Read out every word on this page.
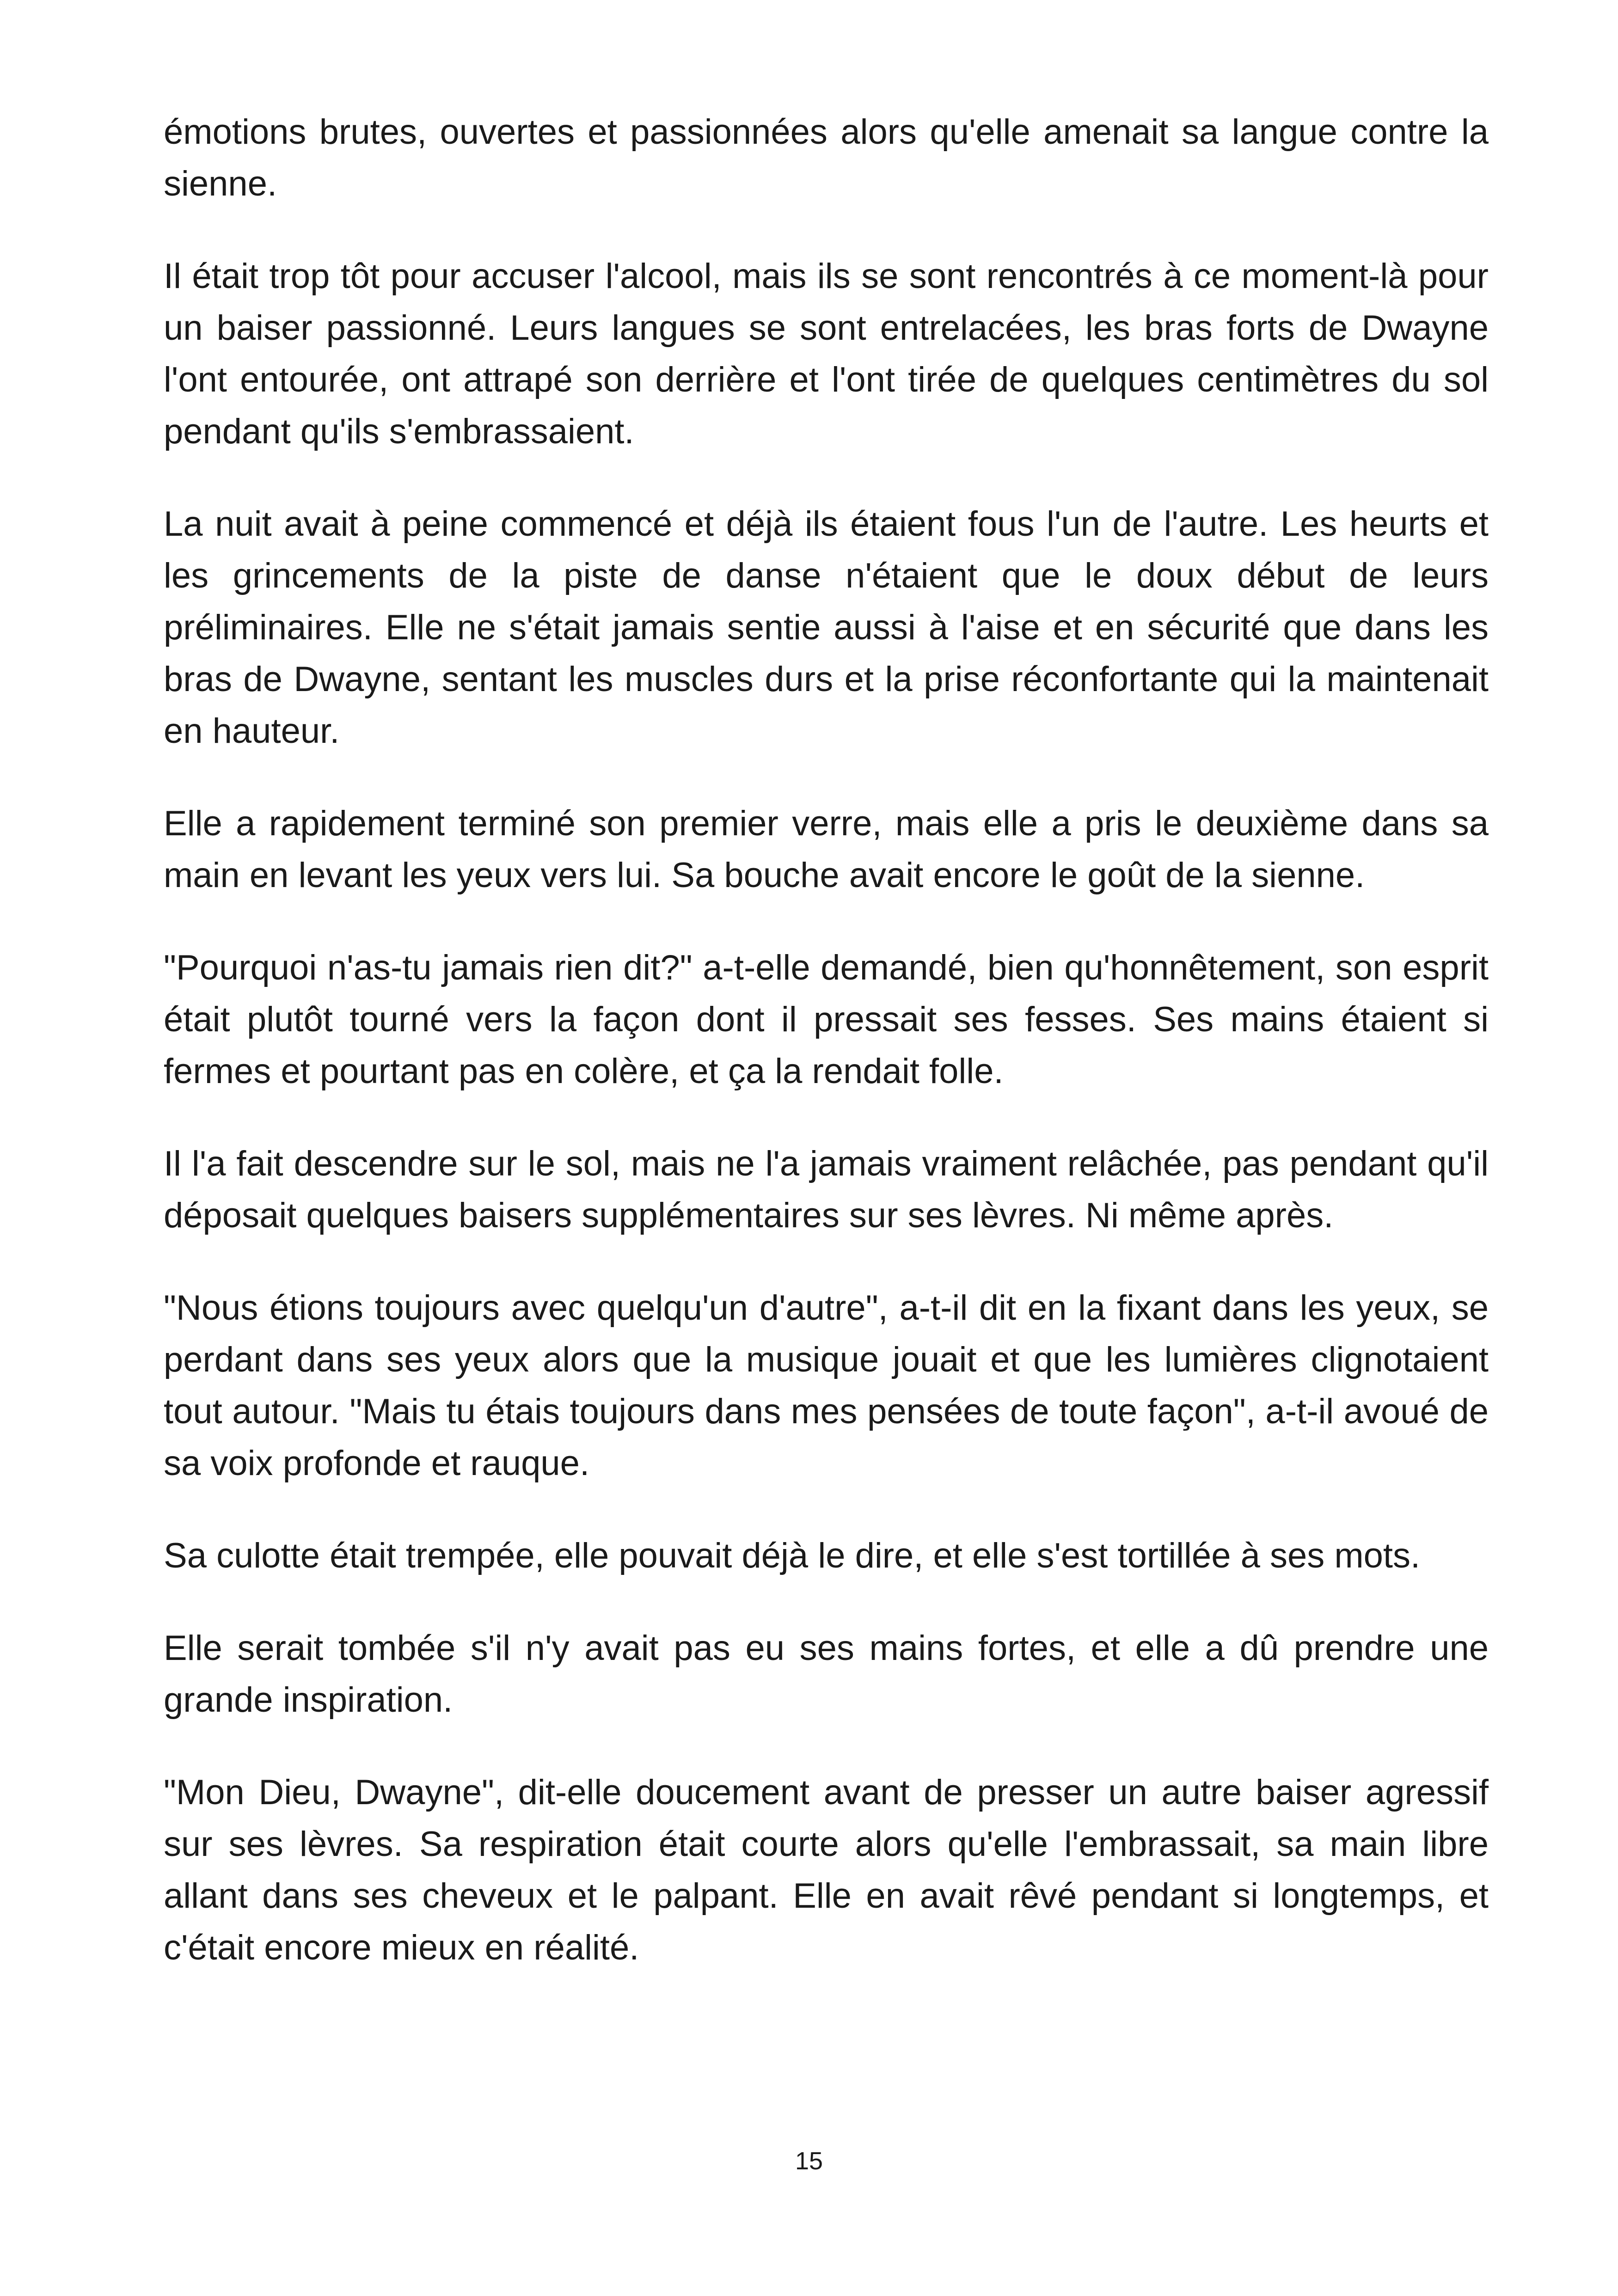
émotions brutes, ouvertes et passionnées alors qu'elle amenait sa langue contre la sienne.

Il était trop tôt pour accuser l'alcool, mais ils se sont rencontrés à ce moment-là pour un baiser passionné. Leurs langues se sont entrelacées, les bras forts de Dwayne l'ont entourée, ont attrapé son derrière et l'ont tirée de quelques centimètres du sol pendant qu'ils s'embrassaient.

La nuit avait à peine commencé et déjà ils étaient fous l'un de l'autre. Les heurts et les grincements de la piste de danse n'étaient que le doux début de leurs préliminaires. Elle ne s'était jamais sentie aussi à l'aise et en sécurité que dans les bras de Dwayne, sentant les muscles durs et la prise réconfortante qui la maintenait en hauteur.

Elle a rapidement terminé son premier verre, mais elle a pris le deuxième dans sa main en levant les yeux vers lui. Sa bouche avait encore le goût de la sienne.

"Pourquoi n'as-tu jamais rien dit?" a-t-elle demandé, bien qu'honnêtement, son esprit était plutôt tourné vers la façon dont il pressait ses fesses. Ses mains étaient si fermes et pourtant pas en colère, et ça la rendait folle.

Il l'a fait descendre sur le sol, mais ne l'a jamais vraiment relâchée, pas pendant qu'il déposait quelques baisers supplémentaires sur ses lèvres. Ni même après.

"Nous étions toujours avec quelqu'un d'autre", a-t-il dit en la fixant dans les yeux, se perdant dans ses yeux alors que la musique jouait et que les lumières clignotaient tout autour. "Mais tu étais toujours dans mes pensées de toute façon", a-t-il avoué de sa voix profonde et rauque.

Sa culotte était trempée, elle pouvait déjà le dire, et elle s'est tortillée à ses mots.

Elle serait tombée s'il n'y avait pas eu ses mains fortes, et elle a dû prendre une grande inspiration.

"Mon Dieu, Dwayne", dit-elle doucement avant de presser un autre baiser agressif sur ses lèvres. Sa respiration était courte alors qu'elle l'embrassait, sa main libre allant dans ses cheveux et le palpant. Elle en avait rêvé pendant si longtemps, et c'était encore mieux en réalité.

15
